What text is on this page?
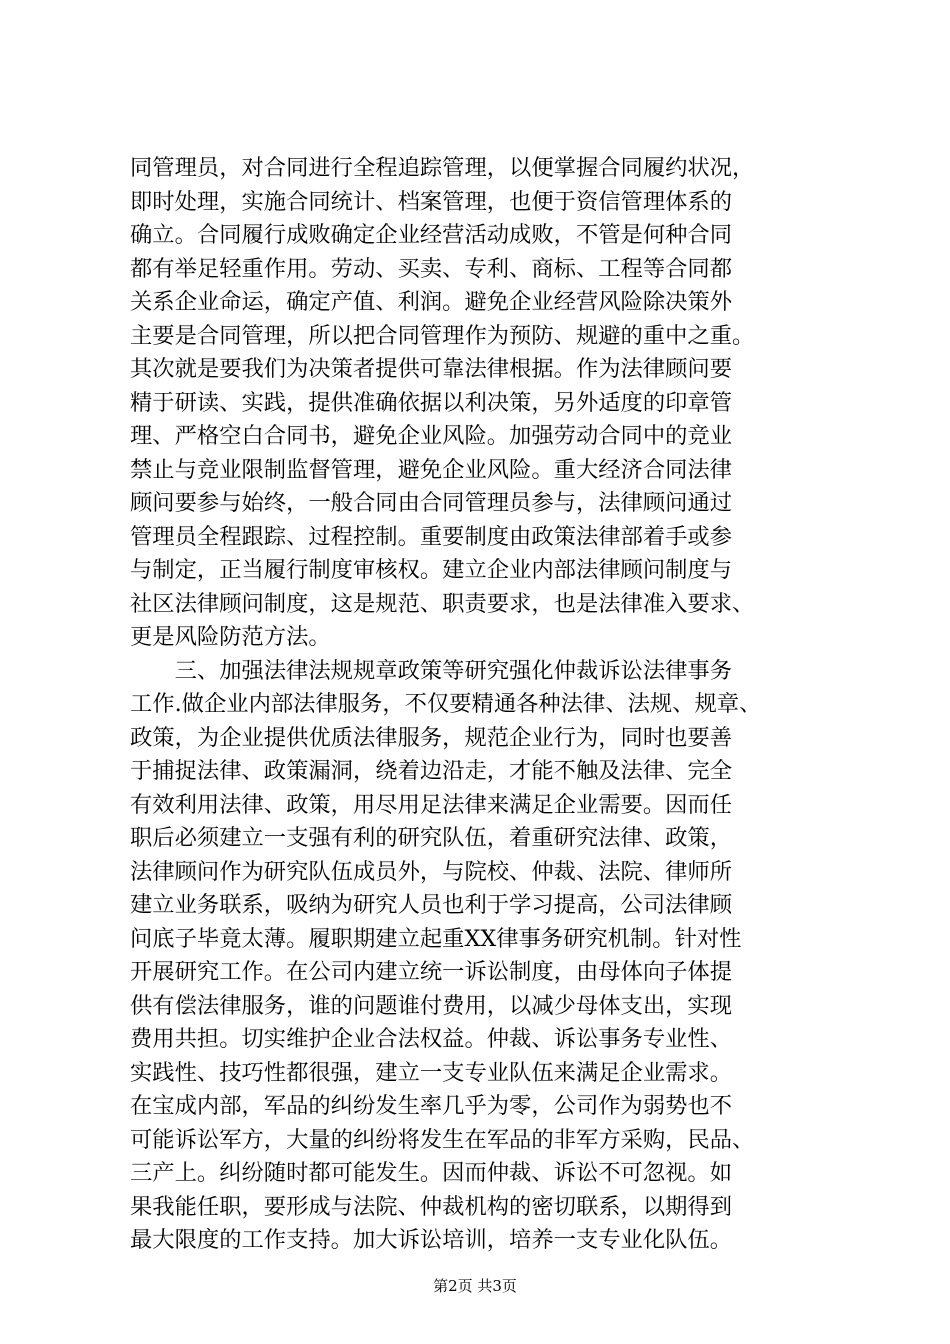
同管理员，对合同进行全程追踪管理，以便掌握合同履约状况，
即时处理，实施合同统计、档案管理，也便于资信管理体系的
确立。合同履行成败确定企业经营活动成败，不管是何种合同
都有举足轻重作用。劳动、买卖、专利、商标、工程等合同都
关系企业命运，确定产值、利润。避免企业经营风险除决策外
主要是合同管理，所以把合同管理作为预防、规避的重中之重。
其次就是要我们为决策者提供可靠法律根据。作为法律顾问要
精于研读、实践，提供准确依据以利决策，另外适度的印章管
理、严格空白合同书，避免企业风险。加强劳动合同中的竞业
禁止与竞业限制监督管理，避免企业风险。重大经济合同法律
顾问要参与始终，一般合同由合同管理员参与，法律顾问通过
管理员全程跟踪、过程控制。重要制度由政策法律部着手或参
与制定，正当履行制度审核权。建立企业内部法律顾问制度与
社区法律顾问制度，这是规范、职责要求，也是法律准入要求、
更是风险防范方法。
　　三、加强法律法规规章政策等研究强化仲裁诉讼法律事务
工作.做企业内部法律服务，不仅要精通各种法律、法规、规章、
政策，为企业提供优质法律服务，规范企业行为，同时也要善
于捕捉法律、政策漏洞，绕着边沿走，才能不触及法律、完全
有效利用法律、政策，用尽用足法律来满足企业需要。因而任
职后必须建立一支强有利的研究队伍，着重研究法律、政策，
法律顾问作为研究队伍成员外，与院校、仲裁、法院、律师所
建立业务联系，吸纳为研究人员也利于学习提高，公司法律顾
问底子毕竟太薄。履职期建立起重XX律事务研究机制。针对性
开展研究工作。在公司内建立统一诉讼制度，由母体向子体提
供有偿法律服务，谁的问题谁付费用，以减少母体支出，实现
费用共担。切实维护企业合法权益。仲裁、诉讼事务专业性、
实践性、技巧性都很强，建立一支专业队伍来满足企业需求。
在宝成内部，军品的纠纷发生率几乎为零，公司作为弱势也不
可能诉讼军方，大量的纠纷将发生在军品的非军方采购，民品、
三产上。纠纷随时都可能发生。因而仲裁、诉讼不可忽视。如
果我能任职，要形成与法院、仲裁机构的密切联系，以期得到
最大限度的工作支持。加大诉讼培训，培养一支专业化队伍。
第2页 共3页
